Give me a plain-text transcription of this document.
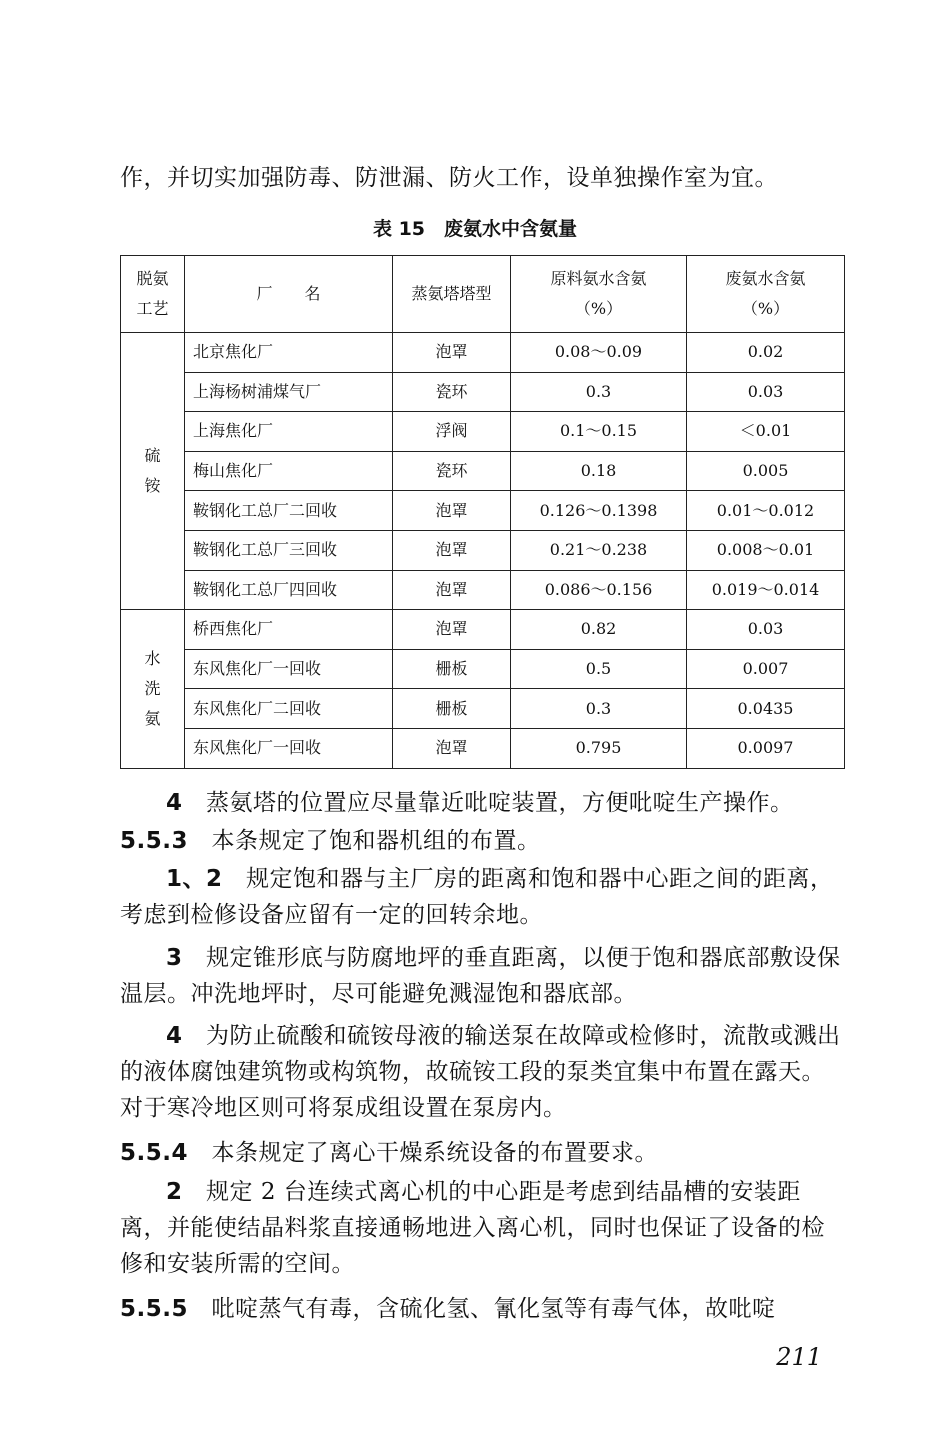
作，并切实加强防毒、防泄漏、防火工作，设单独操作室为宜。

表 15　废氨水中含氨量
脱氨工艺	厂　　名	蒸氨塔塔型	原料氨水含氨（%）	废氨水含氨（%）
硫铵	北京焦化厂	泡罩	0.08～0.09	0.02
	上海杨树浦煤气厂	瓷环	0.3	0.03
	上海焦化厂	浮阀	0.1～0.15	＜0.01
	梅山焦化厂	瓷环	0.18	0.005
	鞍钢化工总厂二回收	泡罩	0.126～0.1398	0.01～0.012
	鞍钢化工总厂三回收	泡罩	0.21～0.238	0.008～0.01
	鞍钢化工总厂四回收	泡罩	0.086～0.156	0.019～0.014
水洗氨	桥西焦化厂	泡罩	0.82	0.03
	东风焦化厂一回收	栅板	0.5	0.007
	东风焦化厂二回收	栅板	0.3	0.0435
	东风焦化厂一回收	泡罩	0.795	0.0097

4　 蒸氨塔的位置应尽量靠近吡啶装置，方便吡啶生产操作。

5.5.3　 本条规定了饱和器机组的布置。

1、2　 规定饱和器与主厂房的距离和饱和器中心距之间的距离，考虑到检修设备应留有一定的回转余地。

3　 规定锥形底与防腐地坪的垂直距离，以便于饱和器底部敷设保温层。冲洗地坪时，尽可能避免溅湿饱和器底部。

4　 为防止硫酸和硫铵母液的输送泵在故障或检修时，流散或溅出的液体腐蚀建筑物或构筑物，故硫铵工段的泵类宜集中布置在露天。对于寒冷地区则可将泵成组设置在泵房内。

5.5.4　 本条规定了离心干燥系统设备的布置要求。

2　 规定 2 台连续式离心机的中心距是考虑到结晶槽的安装距离，并能使结晶料浆直接通畅地进入离心机，同时也保证了设备的检修和安装所需的空间。

5.5.5　 吡啶蒸气有毒，含硫化氢、氰化氢等有毒气体，故吡啶

211
